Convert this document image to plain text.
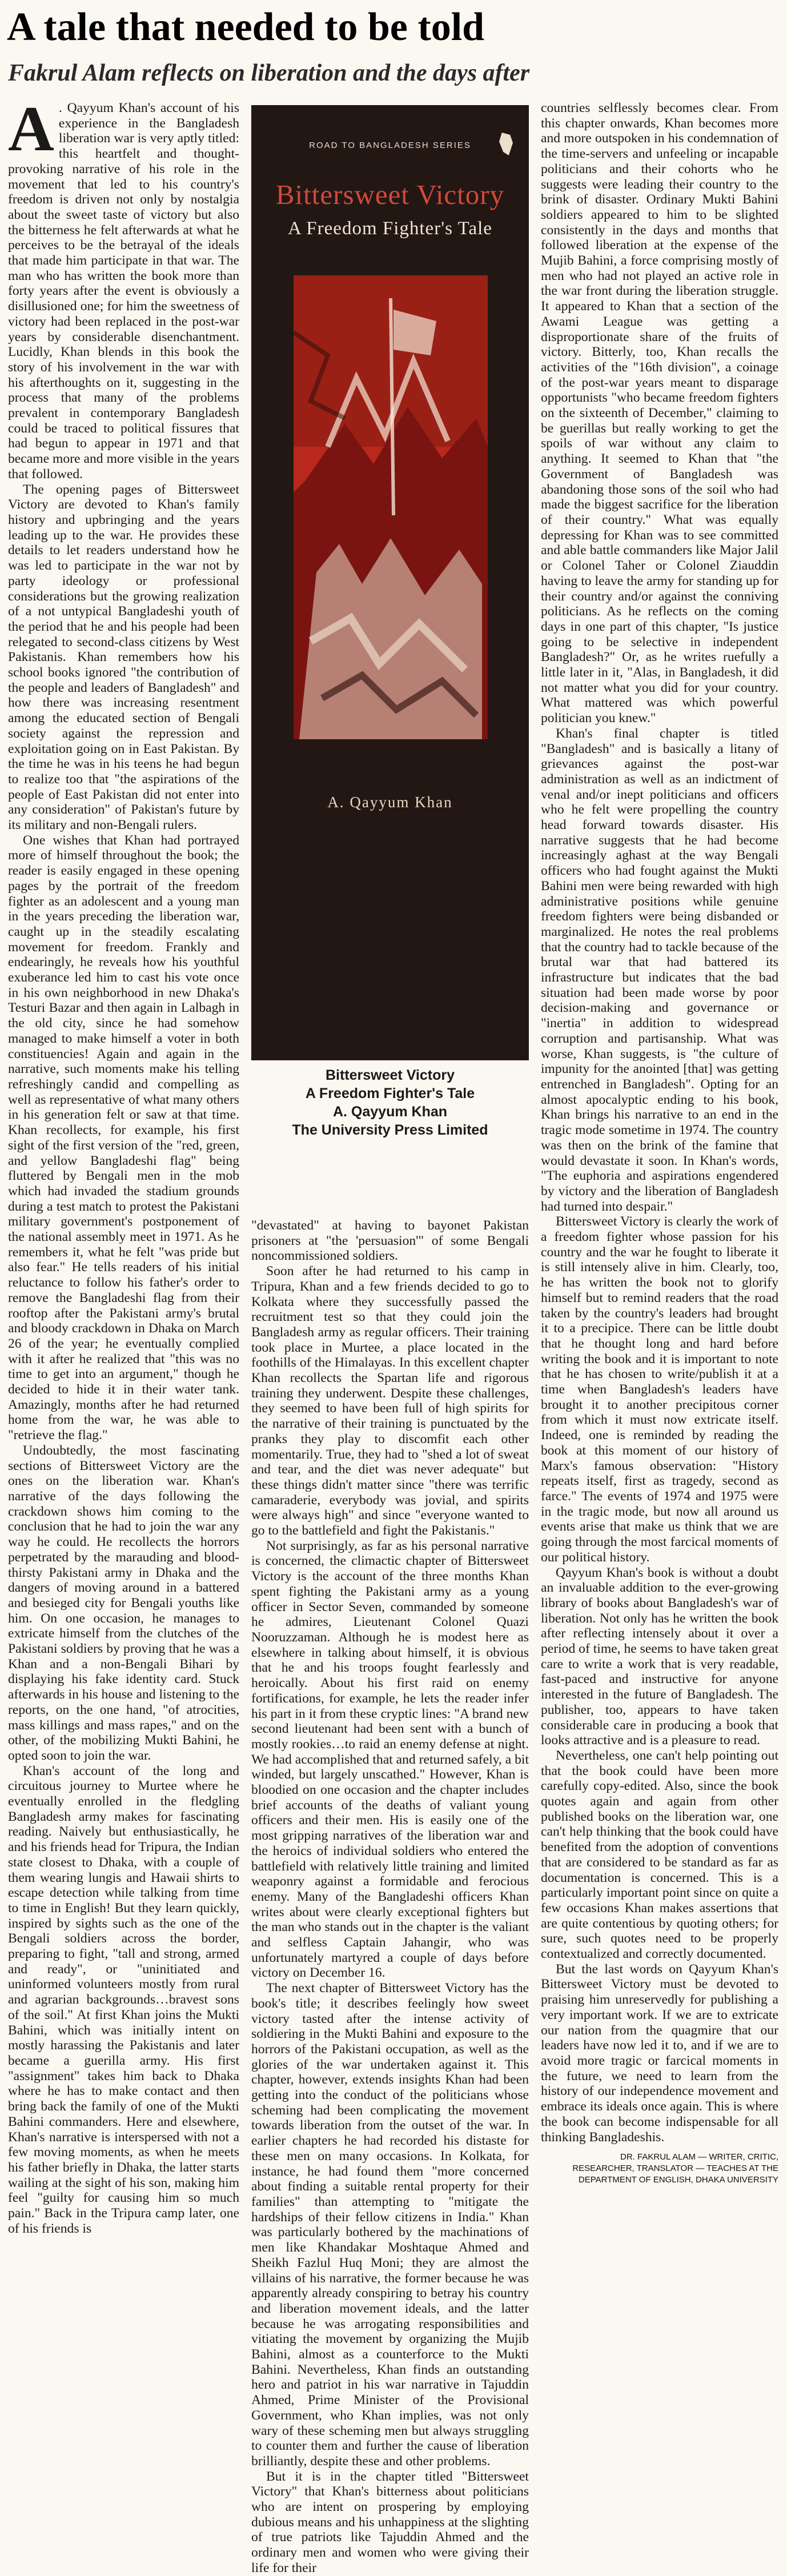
A tale that needed to be told
Fakrul Alam reflects on liberation and the days after

A . Qayyum Khan's account of his experience in the Bangladesh liberation war is very aptly titled: this heartfelt and thought-provoking narrative of his role in the movement that led to his country's freedom is driven not only by nostalgia about the sweet taste of victory but also the bitterness he felt afterwards at what he perceives to be the betrayal of the ideals that made him participate in that war. The man who has written the book more than forty years after the event is obviously a disillusioned one; for him the sweetness of victory had been replaced in the post-war years by considerable disenchantment. Lucidly, Khan blends in this book the story of his involvement in the war with his afterthoughts on it, suggesting in the process that many of the problems prevalent in contemporary Bangladesh could be traced to political fissures that had begun to appear in 1971 and that became more and more visible in the years that followed.

The opening pages of Bittersweet Victory are devoted to Khan's family history and upbringing and the years leading up to the war. He provides these details to let readers understand how he was led to participate in the war not by party ideology or professional considerations but the growing realization of a not untypical Bangladeshi youth of the period that he and his people had been relegated to second-class citizens by West Pakistanis. Khan remembers how his school books ignored "the contribution of the people and leaders of Bangladesh" and how there was increasing resentment among the educated section of Bengali society against the repression and exploitation going on in East Pakistan. By the time he was in his teens he had begun to realize too that "the aspirations of the people of East Pakistan did not enter into any consideration" of Pakistan's future by its military and non-Bengali rulers.

One wishes that Khan had portrayed more of himself throughout the book; the reader is easily engaged in these opening pages by the portrait of the freedom fighter as an adolescent and a young man in the years preceding the liberation war, caught up in the steadily escalating movement for freedom. Frankly and endearingly, he reveals how his youthful exuberance led him to cast his vote once in his own neighborhood in new Dhaka's Testuri Bazar and then again in Lalbagh in the old city, since he had somehow managed to make himself a voter in both constituencies! Again and again in the narrative, such moments make his telling refreshingly candid and compelling as well as representative of what many others in his generation felt or saw at that time. Khan recollects, for example, his first sight of the first version of the "red, green, and yellow Bangladeshi flag" being fluttered by Bengali men in the mob which had invaded the stadium grounds during a test match to protest the Pakistani military government's postponement of the national assembly meet in 1971. As he remembers it, what he felt "was pride but also fear." He tells readers of his initial reluctance to follow his father's order to remove the Bangladeshi flag from their rooftop after the Pakistani army's brutal and bloody crackdown in Dhaka on March 26 of the year; he eventually complied with it after he realized that "this was no time to get into an argument," though he decided to hide it in their water tank. Amazingly, months after he had returned home from the war, he was able to "retrieve the flag."

Undoubtedly, the most fascinating sections of Bittersweet Victory are the ones on the liberation war. Khan's narrative of the days following the crackdown shows him coming to the conclusion that he had to join the war any way he could. He recollects the horrors perpetrated by the marauding and blood-thirsty Pakistani army in Dhaka and the dangers of moving around in a battered and besieged city for Bengali youths like him. On one occasion, he manages to extricate himself from the clutches of the Pakistani soldiers by proving that he was a Khan and a non-Bengali Bihari by displaying his fake identity card. Stuck afterwards in his house and listening to the reports, on the one hand, "of atrocities, mass killings and mass rapes," and on the other, of the mobilizing Mukti Bahini, he opted soon to join the war.

Khan's account of the long and circuitous journey to Murtee where he eventually enrolled in the fledgling Bangladesh army makes for fascinating reading. Naively but enthusiastically, he and his friends head for Tripura, the Indian state closest to Dhaka, with a couple of them wearing lungis and Hawaii shirts to escape detection while talking from time to time in English! But they learn quickly, inspired by sights such as the one of the Bengali soldiers across the border, preparing to fight, "tall and strong, armed and ready", or "uninitiated and uninformed volunteers mostly from rural and agrarian backgrounds…bravest sons of the soil." At first Khan joins the Mukti Bahini, which was initially intent on mostly harassing the Pakistanis and later became a guerilla army. His first "assignment" takes him back to Dhaka where he has to make contact and then bring back the family of one of the Mukti Bahini commanders. Here and elsewhere, Khan's narrative is interspersed with not a few moving moments, as when he meets his father briefly in Dhaka, the latter starts wailing at the sight of his son, making him feel "guilty for causing him so much pain." Back in the Tripura camp later, one of his friends is

ROAD TO BANGLADESH SERIES
Bittersweet Victory
A Freedom Fighter's Tale
A. Qayyum Khan
Bittersweet Victory
A Freedom Fighter's Tale
A. Qayyum Khan
The University Press Limited

"devastated" at having to bayonet Pakistan prisoners at "the 'persuasion'" of some Bengali noncommissioned soldiers.

Soon after he had returned to his camp in Tripura, Khan and a few friends decided to go to Kolkata where they successfully passed the recruitment test so that they could join the Bangladesh army as regular officers. Their training took place in Murtee, a place located in the foothills of the Himalayas. In this excellent chapter Khan recollects the Spartan life and rigorous training they underwent. Despite these challenges, they seemed to have been full of high spirits for the narrative of their training is punctuated by the pranks they play to discomfit each other momentarily. True, they had to "shed a lot of sweat and tear, and the diet was never adequate" but these things didn't matter since "there was terrific camaraderie, everybody was jovial, and spirits were always high" and since "everyone wanted to go to the battlefield and fight the Pakistanis."

Not surprisingly, as far as his personal narrative is concerned, the climactic chapter of Bittersweet Victory is the account of the three months Khan spent fighting the Pakistani army as a young officer in Sector Seven, commanded by someone he admires, Lieutenant Colonel Quazi Nooruzzaman. Although he is modest here as elsewhere in talking about himself, it is obvious that he and his troops fought fearlessly and heroically. About his first raid on enemy fortifications, for example, he lets the reader infer his part in it from these cryptic lines: "A brand new second lieutenant had been sent with a bunch of mostly rookies…to raid an enemy defense at night. We had accomplished that and returned safely, a bit winded, but largely unscathed." However, Khan is bloodied on one occasion and the chapter includes brief accounts of the deaths of valiant young officers and their men. His is easily one of the most gripping narratives of the liberation war and the heroics of individual soldiers who entered the battlefield with relatively little training and limited weaponry against a formidable and ferocious enemy. Many of the Bangladeshi officers Khan writes about were clearly exceptional fighters but the man who stands out in the chapter is the valiant and selfless Captain Jahangir, who was unfortunately martyred a couple of days before victory on December 16.

The next chapter of Bittersweet Victory has the book's title; it describes feelingly how sweet victory tasted after the intense activity of soldiering in the Mukti Bahini and exposure to the horrors of the Pakistani occupation, as well as the glories of the war undertaken against it. This chapter, however, extends insights Khan had been getting into the conduct of the politicians whose scheming had been complicating the movement towards liberation from the outset of the war. In earlier chapters he had recorded his distaste for these men on many occasions. In Kolkata, for instance, he had found them "more concerned about finding a suitable rental property for their families" than attempting to "mitigate the hardships of their fellow citizens in India." Khan was particularly bothered by the machinations of men like Khandakar Moshtaque Ahmed and Sheikh Fazlul Huq Moni; they are almost the villains of his narrative, the former because he was apparently already conspiring to betray his country and liberation movement ideals, and the latter because he was arrogating responsibilities and vitiating the movement by organizing the Mujib Bahini, almost as a counterforce to the Mukti Bahini. Nevertheless, Khan finds an outstanding hero and patriot in his war narrative in Tajuddin Ahmed, Prime Minister of the Provisional Government, who Khan implies, was not only wary of these scheming men but always struggling to counter them and further the cause of liberation brilliantly, despite these and other problems.

But it is in the chapter titled "Bittersweet Victory" that Khan's bitterness about politicians who are intent on prospering by employing dubious means and his unhappiness at the slighting of true patriots like Tajuddin Ahmed and the ordinary men and women who were giving their life for their

countries selflessly becomes clear. From this chapter onwards, Khan becomes more and more outspoken in his condemnation of the time-servers and unfeeling or incapable politicians and their cohorts who he suggests were leading their country to the brink of disaster. Ordinary Mukti Bahini soldiers appeared to him to be slighted consistently in the days and months that followed liberation at the expense of the Mujib Bahini, a force comprising mostly of men who had not played an active role in the war front during the liberation struggle. It appeared to Khan that a section of the Awami League was getting a disproportionate share of the fruits of victory. Bitterly, too, Khan recalls the activities of the "16th division", a coinage of the post-war years meant to disparage opportunists "who became freedom fighters on the sixteenth of December," claiming to be guerillas but really working to get the spoils of war without any claim to anything. It seemed to Khan that "the Government of Bangladesh was abandoning those sons of the soil who had made the biggest sacrifice for the liberation of their country." What was equally depressing for Khan was to see committed and able battle commanders like Major Jalil or Colonel Taher or Colonel Ziauddin having to leave the army for standing up for their country and/or against the conniving politicians. As he reflects on the coming days in one part of this chapter, "Is justice going to be selective in independent Bangladesh?" Or, as he writes ruefully a little later in it, "Alas, in Bangladesh, it did not matter what you did for your country. What mattered was which powerful politician you knew."

Khan's final chapter is titled "Bangladesh" and is basically a litany of grievances against the post-war administration as well as an indictment of venal and/or inept politicians and officers who he felt were propelling the country head forward towards disaster. His narrative suggests that he had become increasingly aghast at the way Bengali officers who had fought against the Mukti Bahini men were being rewarded with high administrative positions while genuine freedom fighters were being disbanded or marginalized. He notes the real problems that the country had to tackle because of the brutal war that had battered its infrastructure but indicates that the bad situation had been made worse by poor decision-making and governance or "inertia" in addition to widespread corruption and partisanship. What was worse, Khan suggests, is "the culture of impunity for the anointed [that] was getting entrenched in Bangladesh". Opting for an almost apocalyptic ending to his book, Khan brings his narrative to an end in the tragic mode sometime in 1974. The country was then on the brink of the famine that would devastate it soon. In Khan's words, "The euphoria and aspirations engendered by victory and the liberation of Bangladesh had turned into despair."

Bittersweet Victory is clearly the work of a freedom fighter whose passion for his country and the war he fought to liberate it is still intensely alive in him. Clearly, too, he has written the book not to glorify himself but to remind readers that the road taken by the country's leaders had brought it to a precipice. There can be little doubt that he thought long and hard before writing the book and it is important to note that he has chosen to write/publish it at a time when Bangladesh's leaders have brought it to another precipitous corner from which it must now extricate itself. Indeed, one is reminded by reading the book at this moment of our history of Marx's famous observation: "History repeats itself, first as tragedy, second as farce." The events of 1974 and 1975 were in the tragic mode, but now all around us events arise that make us think that we are going through the most farcical moments of our political history.

Qayyum Khan's book is without a doubt an invaluable addition to the ever-growing library of books about Bangladesh's war of liberation. Not only has he written the book after reflecting intensely about it over a period of time, he seems to have taken great care to write a work that is very readable, fast-paced and instructive for anyone interested in the future of Bangladesh. The publisher, too, appears to have taken considerable care in producing a book that looks attractive and is a pleasure to read.

Nevertheless, one can't help pointing out that the book could have been more carefully copy-edited. Also, since the book quotes again and again from other published books on the liberation war, one can't help thinking that the book could have benefited from the adoption of conventions that are considered to be standard as far as documentation is concerned. This is a particularly important point since on quite a few occasions Khan makes assertions that are quite contentious by quoting others; for sure, such quotes need to be properly contextualized and correctly documented.

But the last words on Qayyum Khan's Bittersweet Victory must be devoted to praising him unreservedly for publishing a very important work. If we are to extricate our nation from the quagmire that our leaders have now led it to, and if we are to avoid more tragic or farcical moments in the future, we need to learn from the history of our independence movement and embrace its ideals once again. This is where the book can become indispensable for all thinking Bangladeshis.

DR. FAKRUL ALAM — WRITER, CRITIC,
RESEARCHER, TRANSLATOR — TEACHES AT THE
DEPARTMENT OF ENGLISH, DHAKA UNIVERSITY
